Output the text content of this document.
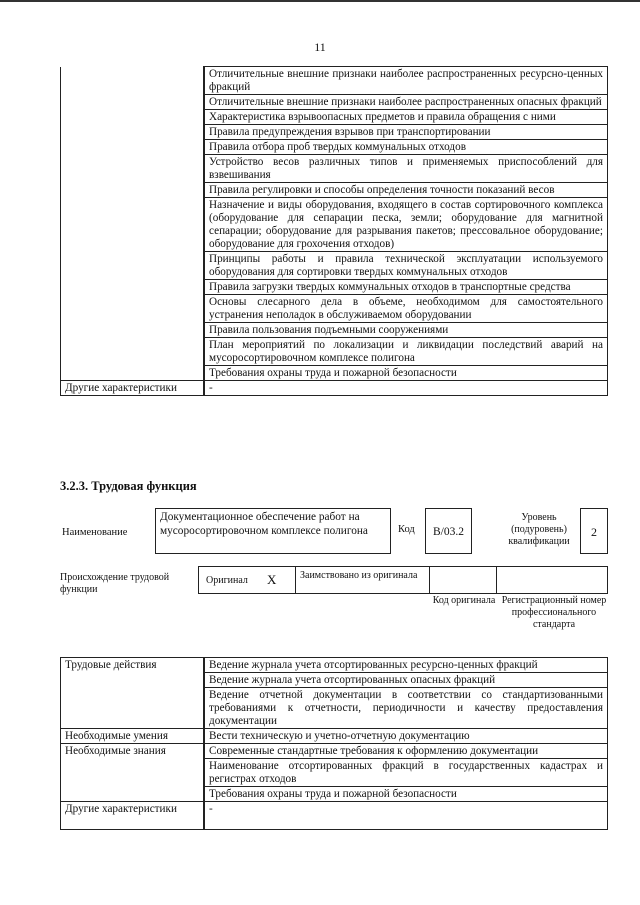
11
	Отличительные внешние признаки наиболее распространенных ресурсно-ценных фракций
	Отличительные внешние признаки наиболее распространенных опасных фракций
	Характеристика взрывоопасных предметов и правила обращения с ними
	Правила предупреждения взрывов при транспортировании
	Правила отбора проб твердых коммунальных отходов
	Устройство весов различных типов и применяемых приспособлений для взвешивания
	Правила регулировки и способы определения точности показаний весов
	Назначение и виды оборудования, входящего в состав сортировочного комплекса (оборудование для сепарации песка, земли; оборудование для магнитной сепарации; оборудование для разрывания пакетов; прессовальное оборудование; оборудование для грохочения отходов)
	Принципы работы и правила технической эксплуатации используемого оборудования для сортировки твердых коммунальных отходов
	Правила загрузки твердых коммунальных отходов в транспортные средства
	Основы слесарного дела в объеме, необходимом для самостоятельного устранения неполадок в обслуживаемом оборудовании
	Правила пользования подъемными сооружениями
	План мероприятий по локализации и ликвидации последствий аварий на мусоросортировочном комплексе полигона
	Требования охраны труда и пожарной безопасности
Другие характеристики	-
3.2.3. Трудовая функция
Наименование
Документационное обеспечение работ на мусоросортировочном комплексе полигона	Код	B/03.2
Уровень (подуровень) квалификации
2
Происхождение трудовой функции
Оригинал X Заимствовано из оригинала
Код оригинала Регистрационный номер профессионального стандарта
Трудовые действия	Ведение журнала учета отсортированных ресурсно-ценных фракций
	Ведение журнала учета отсортированных опасных фракций
	Ведение отчетной документации в соответствии со стандартизованными требованиями к отчетности, периодичности и качеству предоставления документации
Необходимые умения	Вести техническую и учетно-отчетную документацию
Необходимые знания	Современные стандартные требования к оформлению документации
	Наименование отсортированных фракций в государственных кадастрах и регистрах отходов
	Требования охраны труда и пожарной безопасности
Другие характеристики	-
